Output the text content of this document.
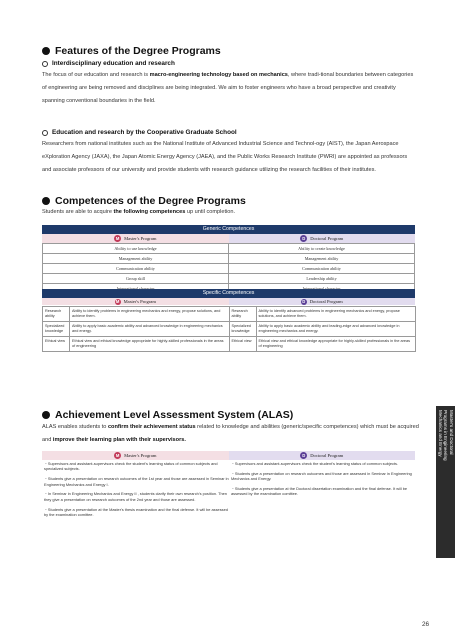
Features of the Degree Programs
Interdisciplinary education and research
The focus of our education and research is macro-engineering technology based on mechanics, where tradi-tional boundaries between categories of engineering are being removed and disciplines are being integrated. We aim to foster engineers who have a broad perspective and creativity spanning conventional boundaries in the field.
Education and research by the Cooperative Graduate School
Researchers from national institutes such as the National Institute of Advanced Industrial Science and Technol-ogy (AIST), the Japan Aerospace eXploration Agency (JAXA), the Japan Atomic Energy Agency (JAEA), and the Public Works Research Institute (PWRI) are appointed as professors and associate professors of our university and provide students with research guidance utilizing the research facilities of their institutes.
Competences of the Degree Programs
Students are able to acquire the following competences up until completion.
Generic Competences
M	Master's Program	D	Doctoral Program
Ability to use knowledge	Ability to create knowledge
Management ability	Management ability
Communication ability	Communication ability
Group skill	Leadership ability

Specific Competences
M Master's Program	D Doctoral Program
Research ability	Ability to identify problems in engineering mechanics and energy, propose solutions, and achieve them.	Research ability	Ability to identify advanced problems in engineering mechanics and energy, propose solutions, and achieve them.
Specialized knowledge	Ability to apply basic academic ability and advanced knowledge in engineering mechanics and energy.	Specialized knowledge	Ability to apply basic academic ability and leading-edge and advanced knowledge in engineering mechanics and energy.
Ethical view	Ethical view and ethical knowledge appropriate for highly-skilled professionals in the areas of engineering	Ethical view	Ethical view and ethical knowledge appropriate for highly-skilled professionals in the areas of engineering
Achievement Level Assessment System (ALAS)
ALAS enables students to confirm their achievement status related to knowledge and abilities (generic/specific competences) which must be acquired and improve their learning plan with their supervisors.
M	Master's Program	D	Doctoral Program

・Supervisors and assistant-supervisors check the student's learning status of common subjects and specialized subjects.

・Students give a presentation on research outcomes of the 1st year and those are assessed in Seminar in Engineering Mechanics and Energy I.

・In Seminar in Engineering Mechanics and Energy II , students clarify their own research's position. Then they give a presentation on research outcomes of the 2nd year and those are assessed.

・Students give a presentation at the Master's thesis examination and the final defense. It will be assessed by the examination comittee.

・Supervisors and assistant-supervisors check the student's learning status of common subjects.

・Students give a presentation on research outcomes and those are assessed in Seminar in Engineering Mechanics and Energy.

・Students give a presentation at the Doctoral dissertation examination and the final defense. It will be assessed by the examination comittee.

Master's and Doctoral
Programs in Engineering
Mechanics and Energy
26
